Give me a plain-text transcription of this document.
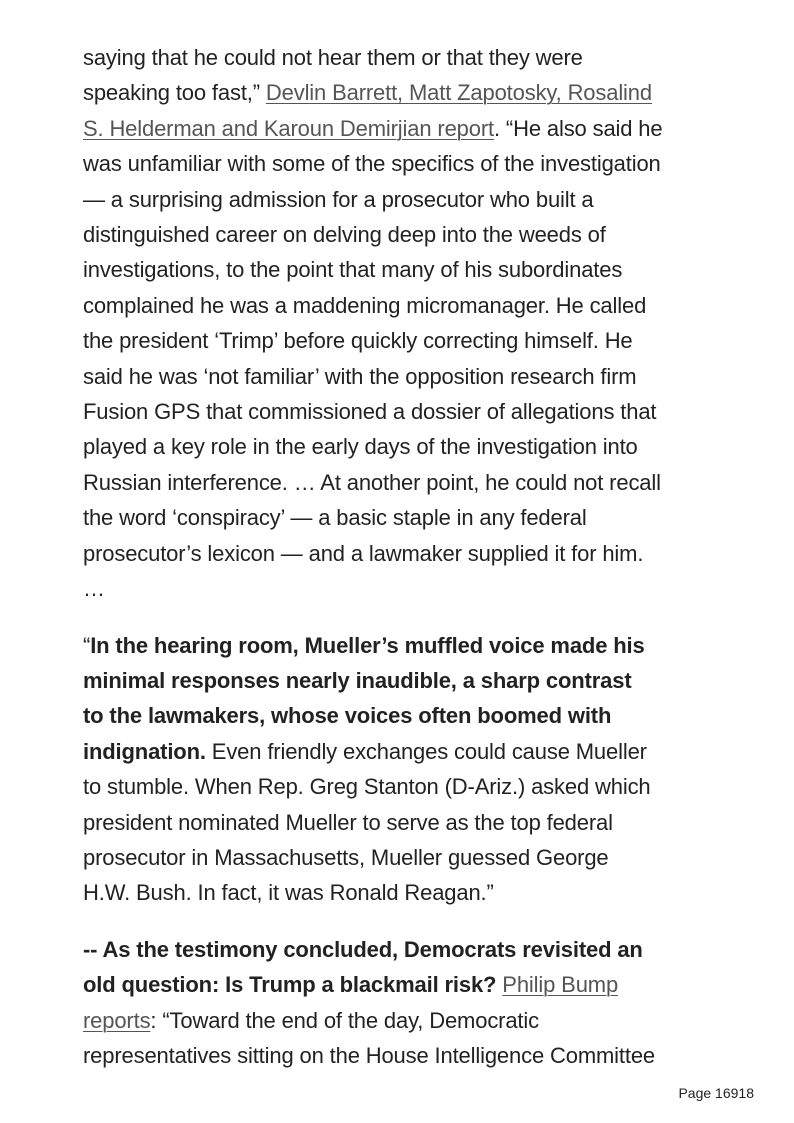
saying that he could not hear them or that they were
speaking too fast,” Devlin Barrett, Matt Zapotosky, Rosalind
S. Helderman and Karoun Demirjian report. “He also said he
was unfamiliar with some of the specifics of the investigation
— a surprising admission for a prosecutor who built a
distinguished career on delving deep into the weeds of
investigations, to the point that many of his subordinates
complained he was a maddening micromanager. He called
the president ‘Trimp’ before quickly correcting himself. He
said he was ‘not familiar’ with the opposition research firm
Fusion GPS that commissioned a dossier of allegations that
played a key role in the early days of the investigation into
Russian interference. … At another point, he could not recall
the word ‘conspiracy’ — a basic staple in any federal
prosecutor’s lexicon — and a lawmaker supplied it for him.
…

“In the hearing room, Mueller’s muffled voice made his
minimal responses nearly inaudible, a sharp contrast
to the lawmakers, whose voices often boomed with
indignation. Even friendly exchanges could cause Mueller
to stumble. When Rep. Greg Stanton (D-Ariz.) asked which
president nominated Mueller to serve as the top federal
prosecutor in Massachusetts, Mueller guessed George
H.W. Bush. In fact, it was Ronald Reagan.”

-- As the testimony concluded, Democrats revisited an
old question: Is Trump a blackmail risk? Philip Bump
reports: “Toward the end of the day, Democratic
representatives sitting on the House Intelligence Committee

Page 16918
